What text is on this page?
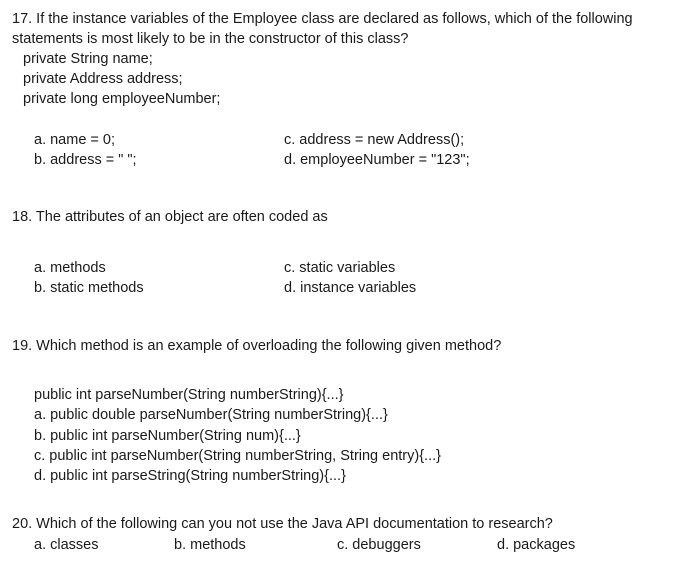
17. If the instance variables of the Employee class are declared as follows, which of the following
statements is most likely to be in the constructor of this class?
private String name;
private Address address;
private long employeeNumber;
a. name = 0;
b. address = " ";
c. address = new Address();
d. employeeNumber = "123";
18. The attributes of an object are often coded as
a. methods
b. static methods
c. static variables
d. instance variables
19. Which method is an example of overloading the following given method?
public int parseNumber(String numberString){...}
a. public double parseNumber(String numberString){...}
b. public int parseNumber(String num){...}
c. public int parseNumber(String numberString, String entry){...}
d. public int parseString(String numberString){...}
20. Which of the following can you not use the Java API documentation to research?
a. classes	b. methods	c. debuggers	d. packages
